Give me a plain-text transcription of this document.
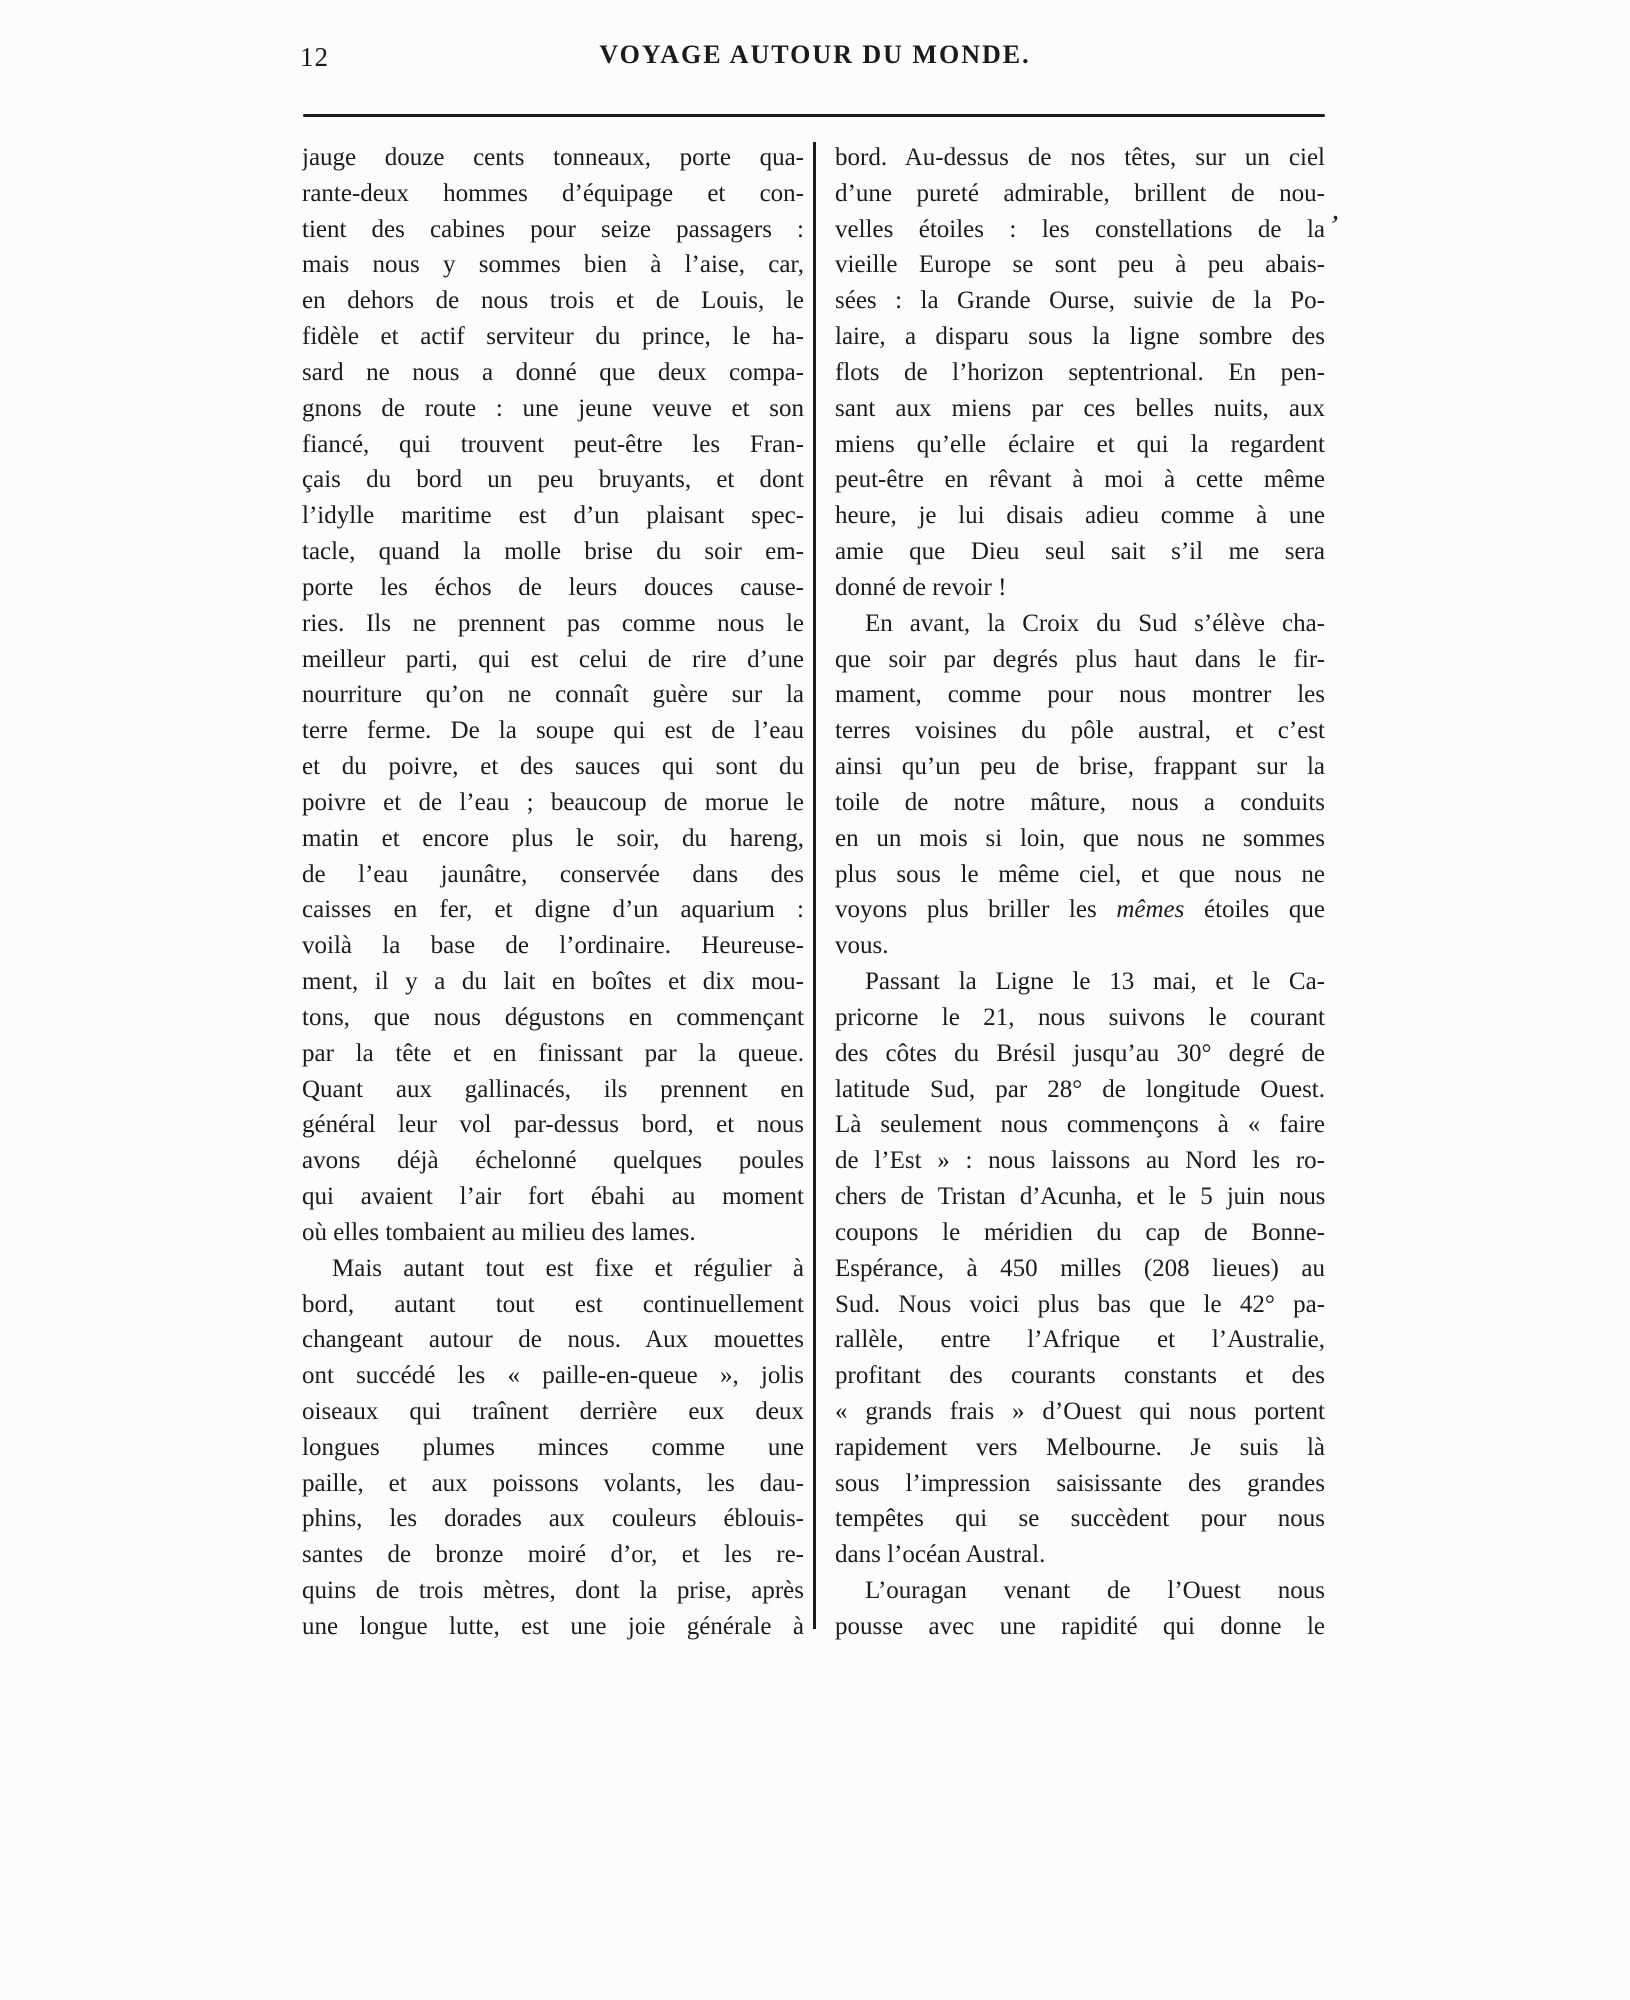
12	VOYAGE AUTOUR DU MONDE.
jauge douze cents tonneaux, porte qua-
rante-deux hommes d’équipage et con-
tient des cabines pour seize passagers :
mais nous y sommes bien à l’aise, car,
en dehors de nous trois et de Louis, le
fidèle et actif serviteur du prince, le ha-
sard ne nous a donné que deux compa-
gnons de route : une jeune veuve et son
fiancé, qui trouvent peut-être les Fran-
çais du bord un peu bruyants, et dont
l’idylle maritime est d’un plaisant spec-
tacle, quand la molle brise du soir em-
porte les échos de leurs douces cause-
ries. Ils ne prennent pas comme nous le
meilleur parti, qui est celui de rire d’une
nourriture qu’on ne connaît guère sur la
terre ferme. De la soupe qui est de l’eau
et du poivre, et des sauces qui sont du
poivre et de l’eau ; beaucoup de morue le
matin et encore plus le soir, du hareng,
de l’eau jaunâtre, conservée dans des
caisses en fer, et digne d’un aquarium :
voilà la base de l’ordinaire. Heureuse-
ment, il y a du lait en boîtes et dix mou-
tons, que nous dégustons en commençant
par la tête et en finissant par la queue.
Quant aux gallinacés, ils prennent en
général leur vol par-dessus bord, et nous
avons déjà échelonné quelques poules
qui avaient l’air fort ébahi au moment
où elles tombaient au milieu des lames.
Mais autant tout est fixe et régulier à
bord, autant tout est continuellement
changeant autour de nous. Aux mouettes
ont succédé les « paille-en-queue », jolis
oiseaux qui traînent derrière eux deux
longues plumes minces comme une
paille, et aux poissons volants, les dau-
phins, les dorades aux couleurs éblouis-
santes de bronze moiré d’or, et les re-
quins de trois mètres, dont la prise, après
une longue lutte, est une joie générale à
bord. Au-dessus de nos têtes, sur un ciel
d’une pureté admirable, brillent de nou-
velles étoiles : les constellations de la
vieille Europe se sont peu à peu abais-
sées : la Grande Ourse, suivie de la Po-
laire, a disparu sous la ligne sombre des
flots de l’horizon septentrional. En pen-
sant aux miens par ces belles nuits, aux
miens qu’elle éclaire et qui la regardent
peut-être en rêvant à moi à cette même
heure, je lui disais adieu comme à une
amie que Dieu seul sait s’il me sera
donné de revoir !
En avant, la Croix du Sud s’élève cha-
que soir par degrés plus haut dans le fir-
mament, comme pour nous montrer les
terres voisines du pôle austral, et c’est
ainsi qu’un peu de brise, frappant sur la
toile de notre mâture, nous a conduits
en un mois si loin, que nous ne sommes
plus sous le même ciel, et que nous ne
voyons plus briller les mêmes étoiles que
vous.
Passant la Ligne le 13 mai, et le Ca-
pricorne le 21, nous suivons le courant
des côtes du Brésil jusqu’au 30° degré de
latitude Sud, par 28° de longitude Ouest.
Là seulement nous commençons à « faire
de l’Est » : nous laissons au Nord les ro-
chers de Tristan d’Acunha, et le 5 juin nous
coupons le méridien du cap de Bonne-
Espérance, à 450 milles (208 lieues) au
Sud. Nous voici plus bas que le 42° pa-
rallèle, entre l’Afrique et l’Australie,
profitant des courants constants et des
« grands frais » d’Ouest qui nous portent
rapidement vers Melbourne. Je suis là
sous l’impression saisissante des grandes
tempêtes qui se succèdent pour nous
dans l’océan Austral.
L’ouragan venant de l’Ouest nous
pousse avec une rapidité qui donne le
‚
